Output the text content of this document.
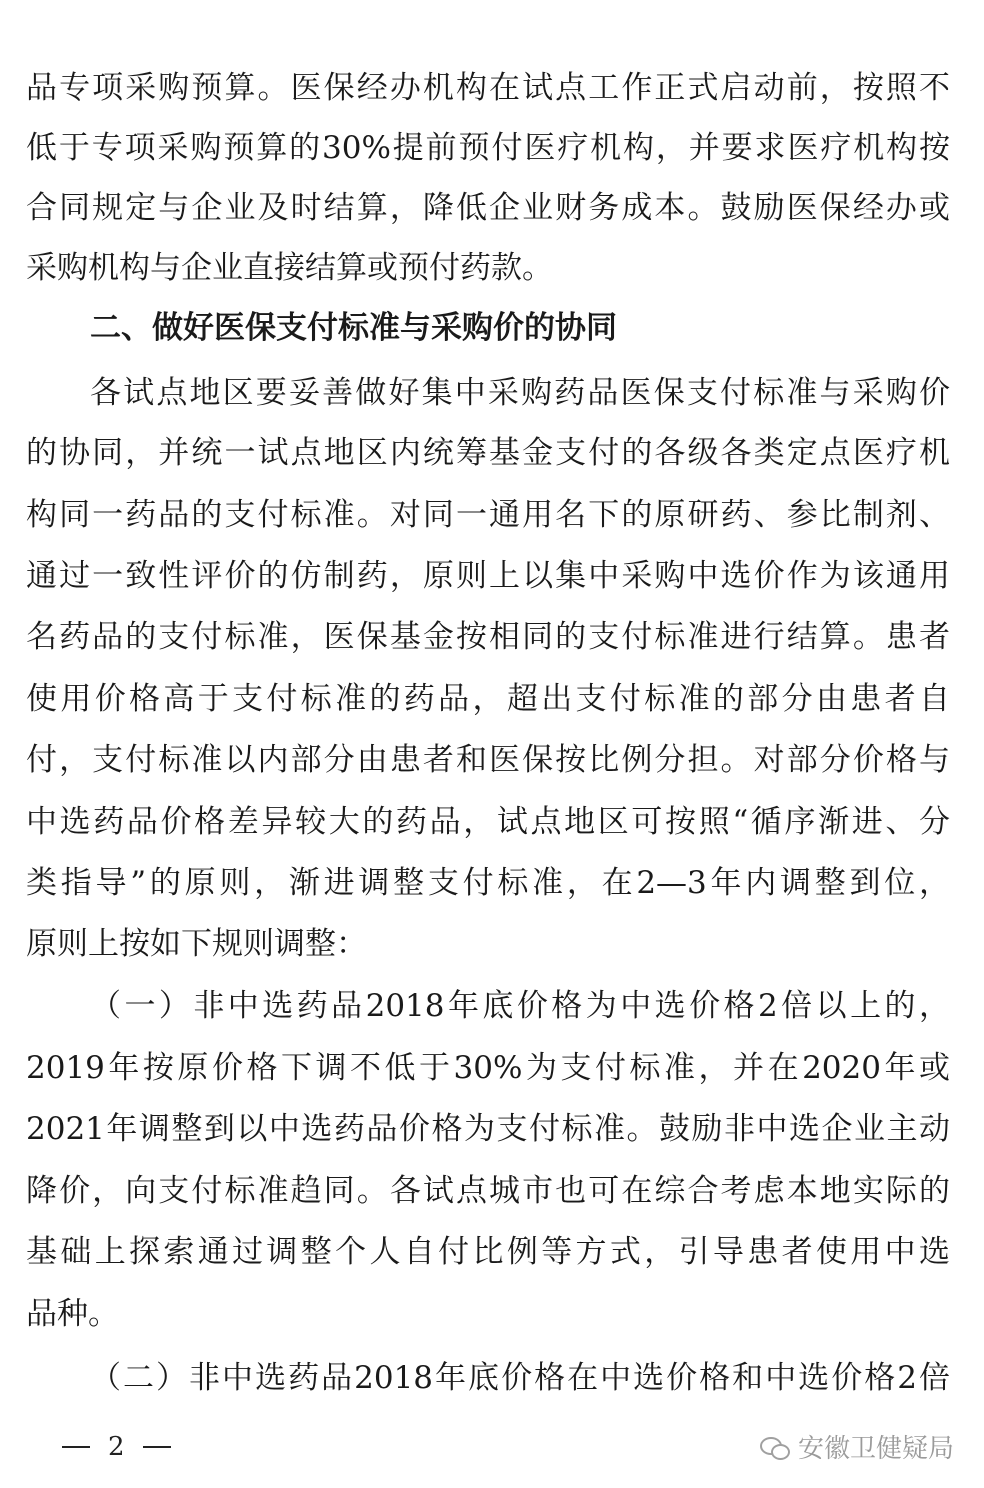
品专项采购预算。医保经办机构在试点工作正式启动前，按照不
低于专项采购预算的30%提前预付医疗机构，并要求医疗机构按
合同规定与企业及时结算，降低企业财务成本。鼓励医保经办或
采购机构与企业直接结算或预付药款。
二、做好医保支付标准与采购价的协同
各试点地区要妥善做好集中采购药品医保支付标准与采购价
的协同，并统一试点地区内统筹基金支付的各级各类定点医疗机
构同一药品的支付标准。对同一通用名下的原研药、参比制剂、
通过一致性评价的仿制药，原则上以集中采购中选价作为该通用
名药品的支付标准，医保基金按相同的支付标准进行结算。患者
使用价格高于支付标准的药品，超出支付标准的部分由患者自
付，支付标准以内部分由患者和医保按比例分担。对部分价格与
中选药品价格差异较大的药品，试点地区可按照“循序渐进、分
类指导”的原则，渐进调整支付标准，在2—3年内调整到位，
原则上按如下规则调整：
（一）非中选药品2018年底价格为中选价格2倍以上的，
2019年按原价格下调不低于30%为支付标准，并在2020年或
2021年调整到以中选药品价格为支付标准。鼓励非中选企业主动
降价，向支付标准趋同。各试点城市也可在综合考虑本地实际的
基础上探索通过调整个人自付比例等方式，引导患者使用中选
品种。
（二）非中选药品2018年底价格在中选价格和中选价格2倍
2	安徽卫健疑局
